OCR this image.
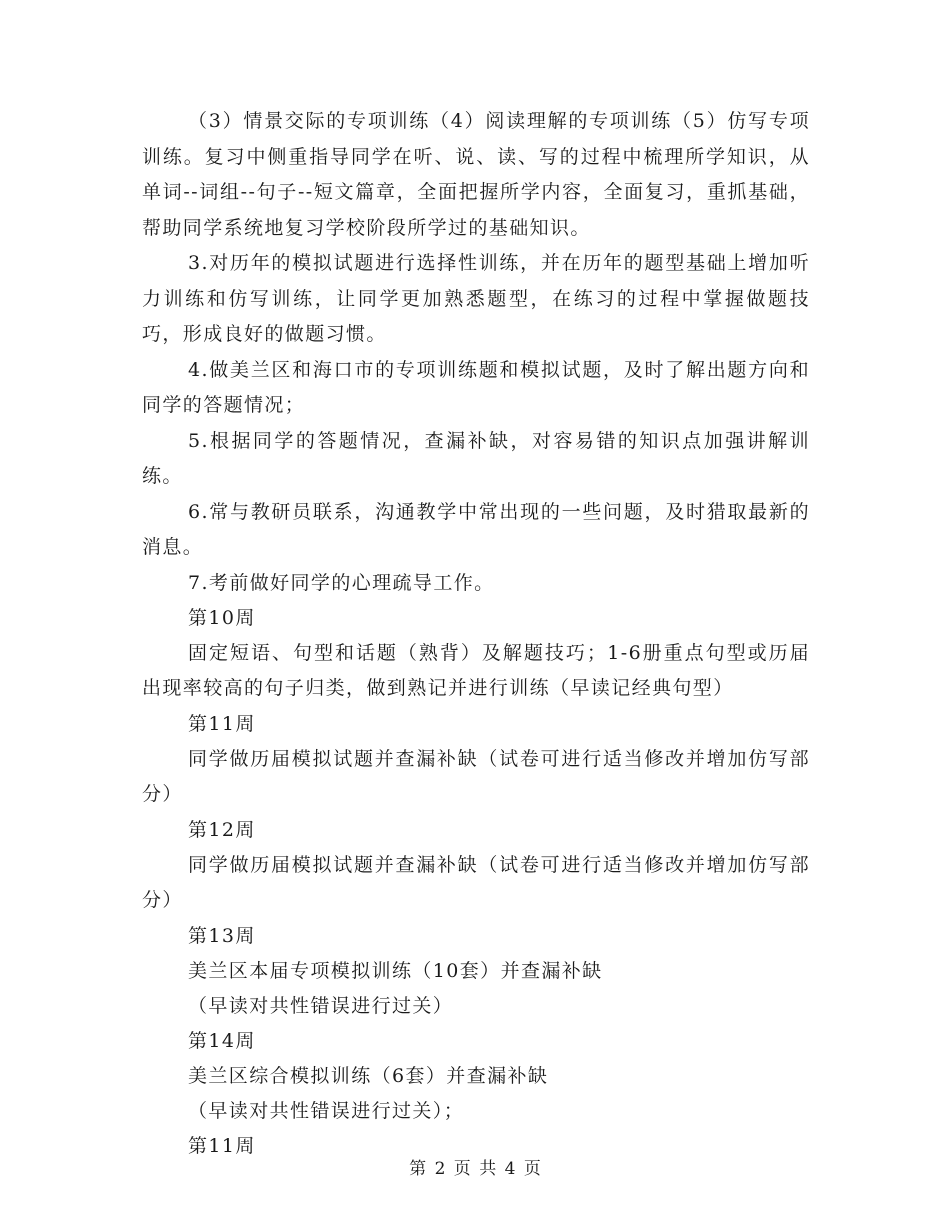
（3）情景交际的专项训练（4）阅读理解的专项训练（5）仿写专项训练。复习中侧重指导同学在听、说、读、写的过程中梳理所学知识，从单词--词组--句子--短文篇章，全面把握所学内容，全面复习，重抓基础，帮助同学系统地复习学校阶段所学过的基础知识。

3.对历年的模拟试题进行选择性训练，并在历年的题型基础上增加听力训练和仿写训练，让同学更加熟悉题型，在练习的过程中掌握做题技巧，形成良好的做题习惯。

4.做美兰区和海口市的专项训练题和模拟试题，及时了解出题方向和同学的答题情况；

5.根据同学的答题情况，查漏补缺，对容易错的知识点加强讲解训练。

6.常与教研员联系，沟通教学中常出现的一些问题，及时猎取最新的消息。

7.考前做好同学的心理疏导工作。

第10周

固定短语、句型和话题（熟背）及解题技巧；1-6册重点句型或历届出现率较高的句子归类，做到熟记并进行训练（早读记经典句型）

第11周

同学做历届模拟试题并查漏补缺（试卷可进行适当修改并增加仿写部分）

第12周

同学做历届模拟试题并查漏补缺（试卷可进行适当修改并增加仿写部分）

第13周

美兰区本届专项模拟训练（10套）并查漏补缺

（早读对共性错误进行过关）

第14周

美兰区综合模拟训练（6套）并查漏补缺

（早读对共性错误进行过关）；

第11周

第 2 页 共 4 页
